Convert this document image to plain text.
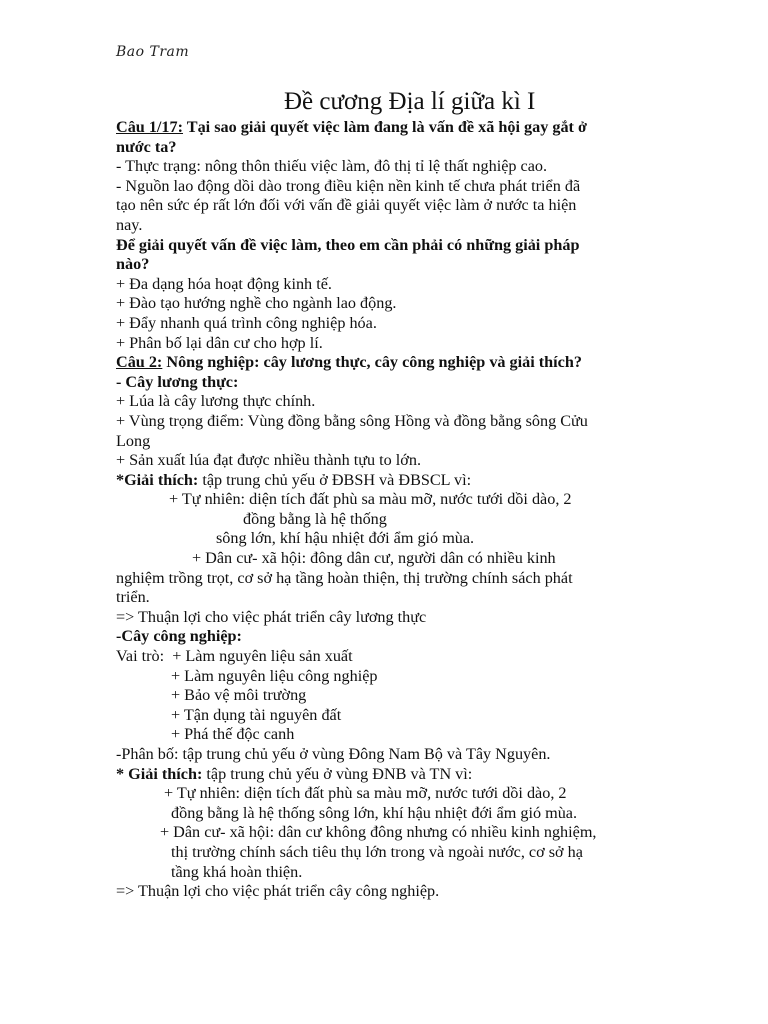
Bao Tram
Đề cương Địa lí giữa kì I
Câu 1/17: Tại sao giải quyết việc làm đang là vấn đề xã hội gay gắt ở
nước ta?
- Thực trạng: nông thôn thiếu việc làm, đô thị tỉ lệ thất nghiệp cao.
- Nguồn lao động dồi dào trong điều kiện nền kinh tế chưa phát triển đã
tạo nên sức ép rất lớn đối với vấn đề giải quyết việc làm ở nước ta hiện
nay.
Để giải quyết vấn đề việc làm, theo em cần phải có những giải pháp
nào?
+ Đa dạng hóa hoạt động kinh tế.
+ Đào tạo hướng nghề cho ngành lao động.
+ Đẩy nhanh quá trình công nghiệp hóa.
+ Phân bố lại dân cư cho hợp lí.
Câu 2: Nông nghiệp: cây lương thực, cây công nghiệp và giải thích?
- Cây lương thực:
+ Lúa là cây lương thực chính.
+ Vùng trọng điểm: Vùng đồng bằng sông Hồng và đồng bằng sông Cửu
Long
+ Sản xuất lúa đạt được nhiều thành tựu to lớn.
*Giải thích: tập trung chủ yếu ở ĐBSH và ĐBSCL vì:
+ Tự nhiên: diện tích đất phù sa màu mỡ, nước tưới dồi dào, 2
đồng bằng là hệ thống
sông lớn, khí hậu nhiệt đới ẩm gió mùa.
+ Dân cư- xã hội: đông dân cư, người dân có nhiều kinh
nghiệm trồng trọt, cơ sở hạ tầng hoàn thiện, thị trường chính sách phát
triển.
=> Thuận lợi cho việc phát triển cây lương thực
-Cây công nghiệp:
Vai trò: + Làm nguyên liệu sản xuất
+ Làm nguyên liệu công nghiệp
+ Bảo vệ môi trường
+ Tận dụng tài nguyên đất
+ Phá thế độc canh
-Phân bố: tập trung chủ yếu ở vùng Đông Nam Bộ và Tây Nguyên.
* Giải thích: tập trung chủ yếu ở vùng ĐNB và TN vì:
+ Tự nhiên: diện tích đất phù sa màu mỡ, nước tưới dồi dào, 2
đồng bằng là hệ thống sông lớn, khí hậu nhiệt đới ẩm gió mùa.
+ Dân cư- xã hội: dân cư không đông nhưng có nhiều kinh nghiệm,
thị trường chính sách tiêu thụ lớn trong và ngoài nước, cơ sở hạ
tầng khá hoàn thiện.
=> Thuận lợi cho việc phát triển cây công nghiệp.
